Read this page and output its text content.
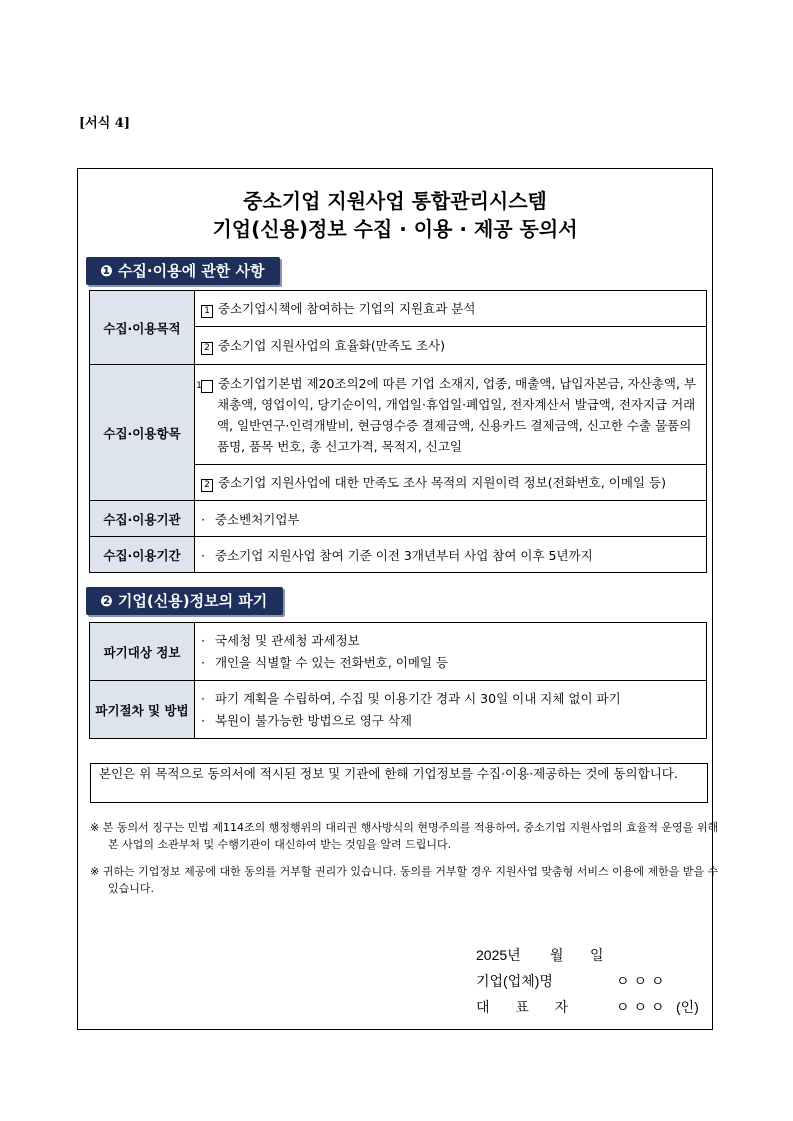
[서식 4]
중소기업 지원사업 통합관리시스템
기업(신용)정보 수집 · 이용 · 제공 동의서
❶ 수집·이용에 관한 사항
수집·이용목적	1 중소기업시책에 참여하는 기업의 지원효과 분석
	2 중소기업 지원사업의 효율화(만족도 조사)
수집·이용항목	1 중소기업기본법 제20조의2에 따른 기업 소재지, 업종, 매출액, 납입자본금, 자산총액, 부채총액, 영업이익, 당기순이익, 개업일·휴업일·폐업일, 전자계산서 발급액, 전자지급 거래액, 일반연구·인력개발비, 현금영수증 결제금액, 신용카드 결제금액, 신고한 수출 물품의 품명, 품목 번호, 총 신고가격, 목적지, 신고일

	2 중소기업 지원사업에 대한 만족도 조사 목적의 지원이력 정보(전화번호, 이메일 등)
수집·이용기관	· 중소벤처기업부
수집·이용기간	· 중소기업 지원사업 참여 기준 이전 3개년부터 사업 참여 이후 5년까지
❷ 기업(신용)정보의 파기
파기대상 정보	· 국세청 및 관세청 과세정보
· 개인을 식별할 수 있는 전화번호, 이메일 등

파기절차 및 방법	· 파기 계획을 수립하여, 수집 및 이용기간 경과 시 30일 이내 지체 없이 파기
· 복원이 불가능한 방법으로 영구 삭제
본인은 위 목적으로 동의서에 적시된 정보 및 기관에 한해 기업정보를 수집·이용·제공하는 것에 동의합니다.
※ 본 동의서 징구는 민법 제114조의 행정행위의 대리권 행사방식의 현명주의를 적용하여, 중소기업 지원사업의 효율적 운영을 위해 본 사업의 소관부처 및 수행기관이 대신하여 받는 것임을 알려 드립니다.
※ 귀하는 기업정보 제공에 대한 동의를 거부할 권리가 있습니다. 동의를 거부할 경우 지원사업 맞춤형 서비스 이용에 제한을 받을 수 있습니다.
2025년 월 일
기업(업체)명	ㅇㅇㅇ
대  표  자	ㅇㅇㅇ (인)
